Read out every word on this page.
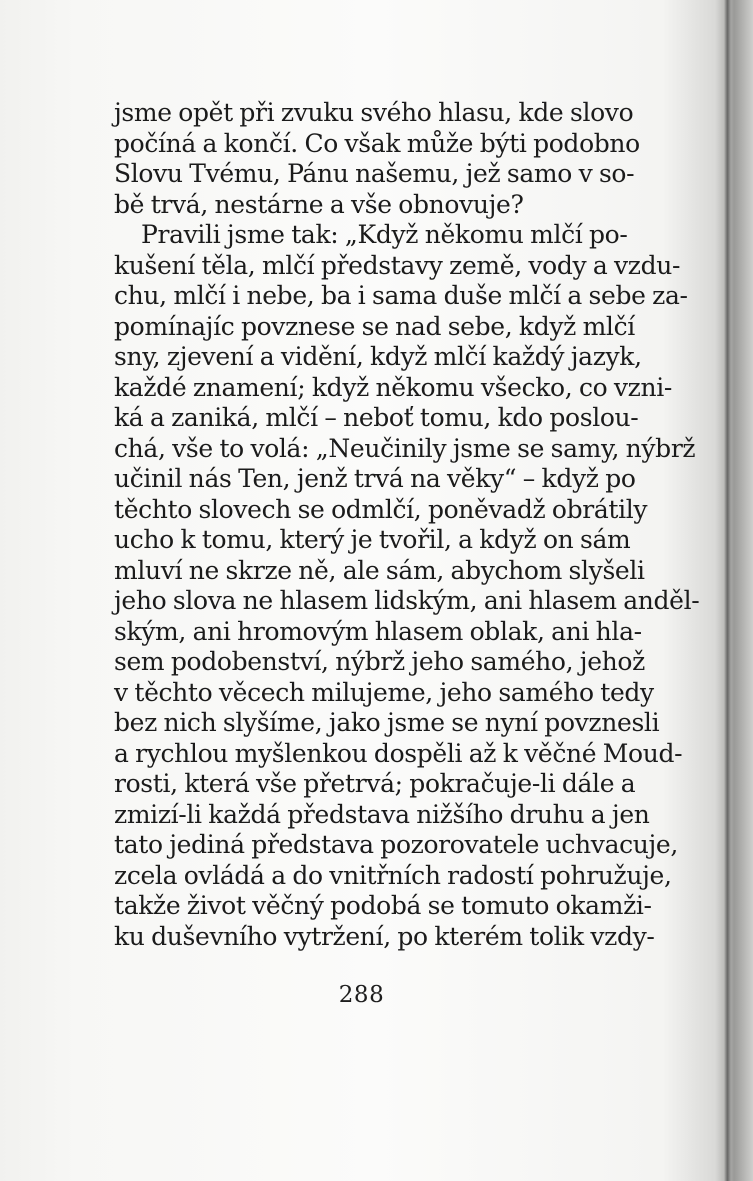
jsme opět při zvuku svého hlasu, kde slovo
počíná a končí. Co však může býti podobno
Slovu Tvému, Pánu našemu, jež samo v so-
bě trvá, nestárne a vše obnovuje?
Pravili jsme tak: „Když někomu mlčí po-
kušení těla, mlčí představy země, vody a vzdu-
chu, mlčí i nebe, ba i sama duše mlčí a sebe za-
pomínajíc povznese se nad sebe, když mlčí
sny, zjevení a vidění, když mlčí každý jazyk,
každé znamení; když někomu všecko, co vzni-
ká a zaniká, mlčí – neboť tomu, kdo poslou-
chá, vše to volá: „Neučinily jsme se samy, nýbrž
učinil nás Ten, jenž trvá na věky“ – když po
těchto slovech se odmlčí, poněvadž obrátily
ucho k tomu, který je tvořil, a když on sám
mluví ne skrze ně, ale sám, abychom slyšeli
jeho slova ne hlasem lidským, ani hlasem anděl-
ským, ani hromovým hlasem oblak, ani hla-
sem podobenství, nýbrž jeho samého, jehož
v těchto věcech milujeme, jeho samého tedy
bez nich slyšíme, jako jsme se nyní povznesli
a rychlou myšlenkou dospěli až k věčné Moud-
rosti, která vše přetrvá; pokračuje-li dále a
zmizí-li každá představa nižšího druhu a jen
tato jediná představa pozorovatele uchvacuje,
zcela ovládá a do vnitřních radostí pohružuje,
takže život věčný podobá se tomuto okamži-
ku duševního vytržení, po kterém tolik vzdy-
288
